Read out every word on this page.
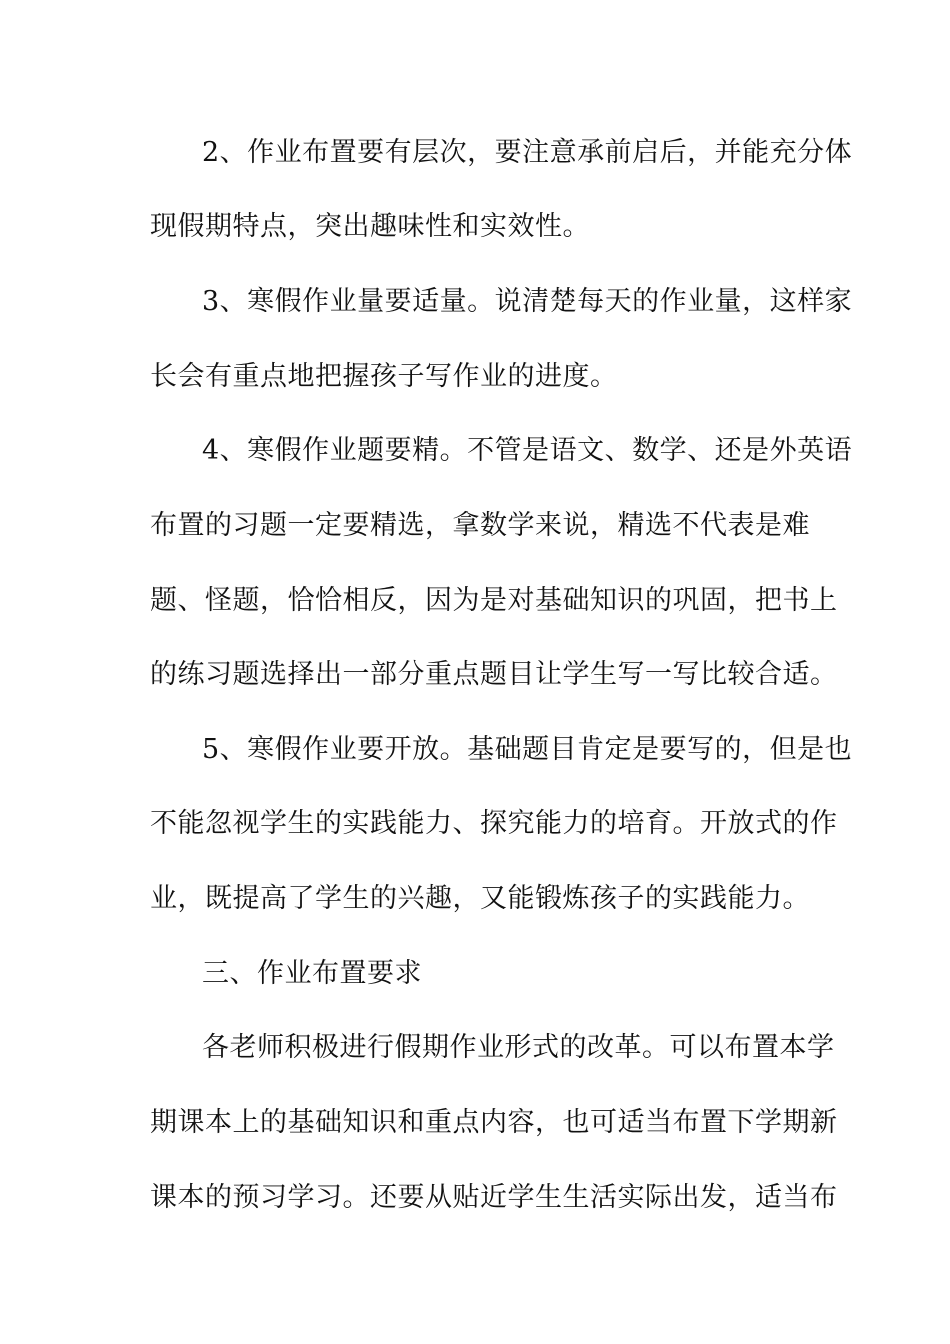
2、作业布置要有层次，要注意承前启后，并能充分体
现假期特点，突出趣味性和实效性。
3、寒假作业量要适量。说清楚每天的作业量，这样家
长会有重点地把握孩子写作业的进度。
4、寒假作业题要精。不管是语文、数学、还是外英语
布置的习题一定要精选，拿数学来说，精选不代表是难
题、怪题，恰恰相反，因为是对基础知识的巩固，把书上
的练习题选择出一部分重点题目让学生写一写比较合适。
5、寒假作业要开放。基础题目肯定是要写的，但是也
不能忽视学生的实践能力、探究能力的培育。开放式的作
业，既提高了学生的兴趣，又能锻炼孩子的实践能力。
三、作业布置要求
各老师积极进行假期作业形式的改革。可以布置本学
期课本上的基础知识和重点内容，也可适当布置下学期新
课本的预习学习。还要从贴近学生生活实际出发，适当布
